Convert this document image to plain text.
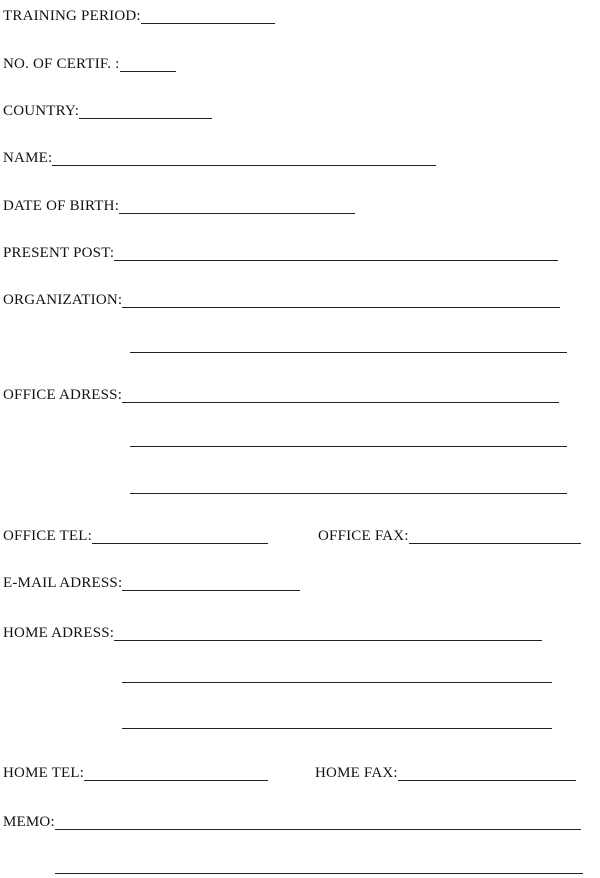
TRAINING PERIOD:
NO. OF CERTIF. :
COUNTRY:
NAME:
DATE OF BIRTH:
PRESENT POST:
ORGANIZATION:
OFFICE ADRESS:
OFFICE TEL:	OFFICE FAX:
E-MAIL ADRESS:
HOME ADRESS:
HOME TEL:	HOME FAX:
MEMO:
